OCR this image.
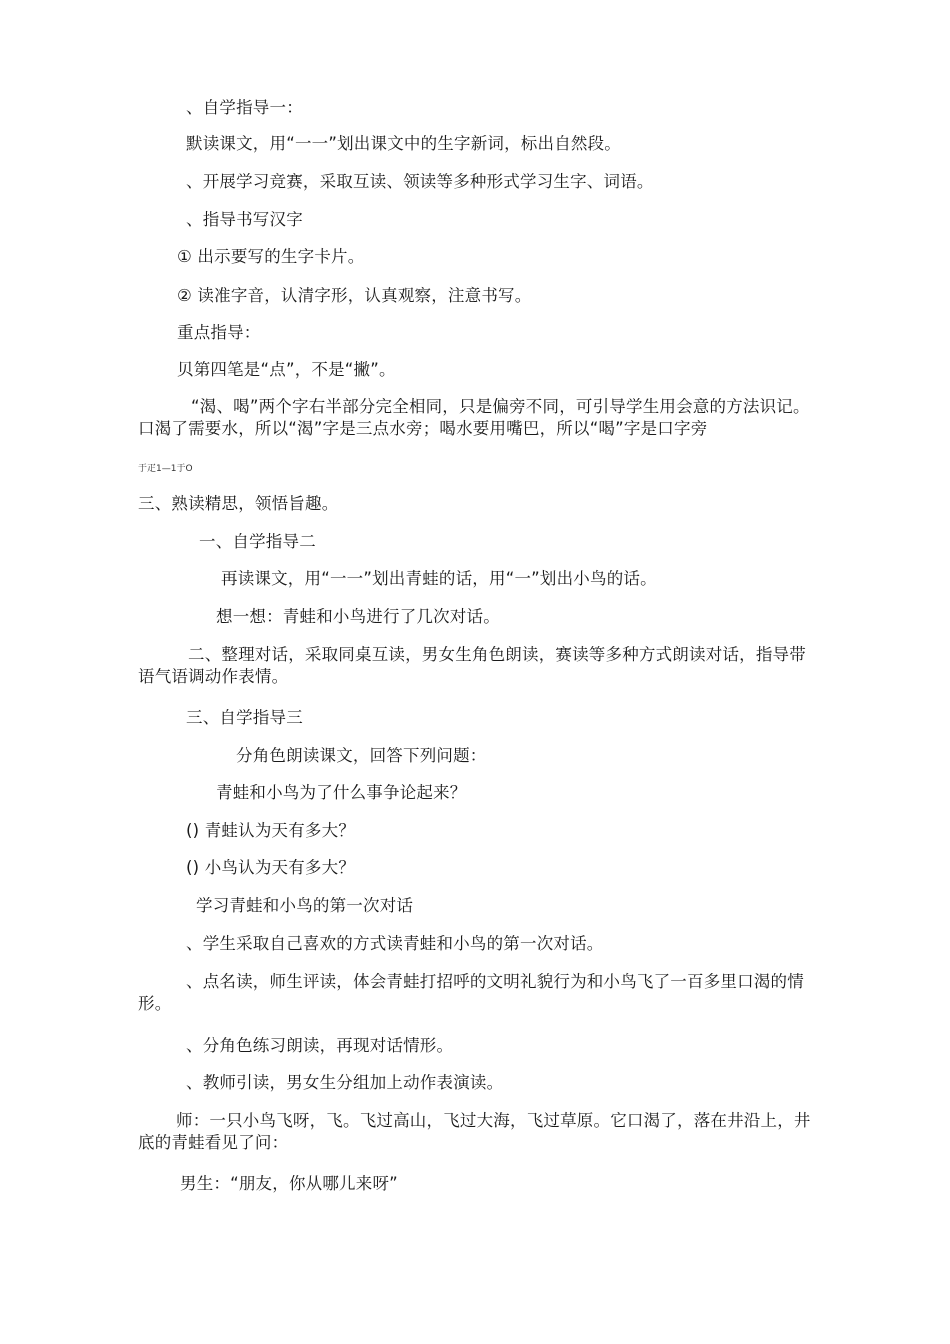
、自学指导一：
默读课文，用“一一”划出课文中的生字新词，标出自然段。
、开展学习竞赛，采取互读、领读等多种形式学习生字、词语。
、指导书写汉字
① 出示要写的生字卡片。
② 读准字音，认清字形，认真观察，注意书写。
重点指导：
贝第四笔是“点”，不是“撇”。
“渴、喝”两个字右半部分完全相同，只是偏旁不同，可引导学生用会意的方法识记。口渴了需要水，所以“渴”字是三点水旁；喝水要用嘴巴，所以“喝”字是口字旁
于疋1—1于O
三、熟读精思，领悟旨趣。
一、自学指导二
再读课文，用“一一”划出青蛙的话，用“一”划出小鸟的话。
想一想：青蛙和小鸟进行了几次对话。
二、整理对话，采取同桌互读，男女生角色朗读，赛读等多种方式朗读对话，指导带语气语调动作表情。
三、自学指导三
分角色朗读课文，回答下列问题：
青蛙和小鸟为了什么事争论起来？
() 青蛙认为天有多大？
() 小鸟认为天有多大？
学习青蛙和小鸟的第一次对话
、学生采取自己喜欢的方式读青蛙和小鸟的第一次对话。
、点名读，师生评读，体会青蛙打招呼的文明礼貌行为和小鸟飞了一百多里口渴的情形。
、分角色练习朗读，再现对话情形。
、教师引读，男女生分组加上动作表演读。
师：一只小鸟飞呀，飞。飞过高山，飞过大海，飞过草原。它口渴了，落在井沿上，井底的青蛙看见了问：
男生：“朋友，你从哪儿来呀”
